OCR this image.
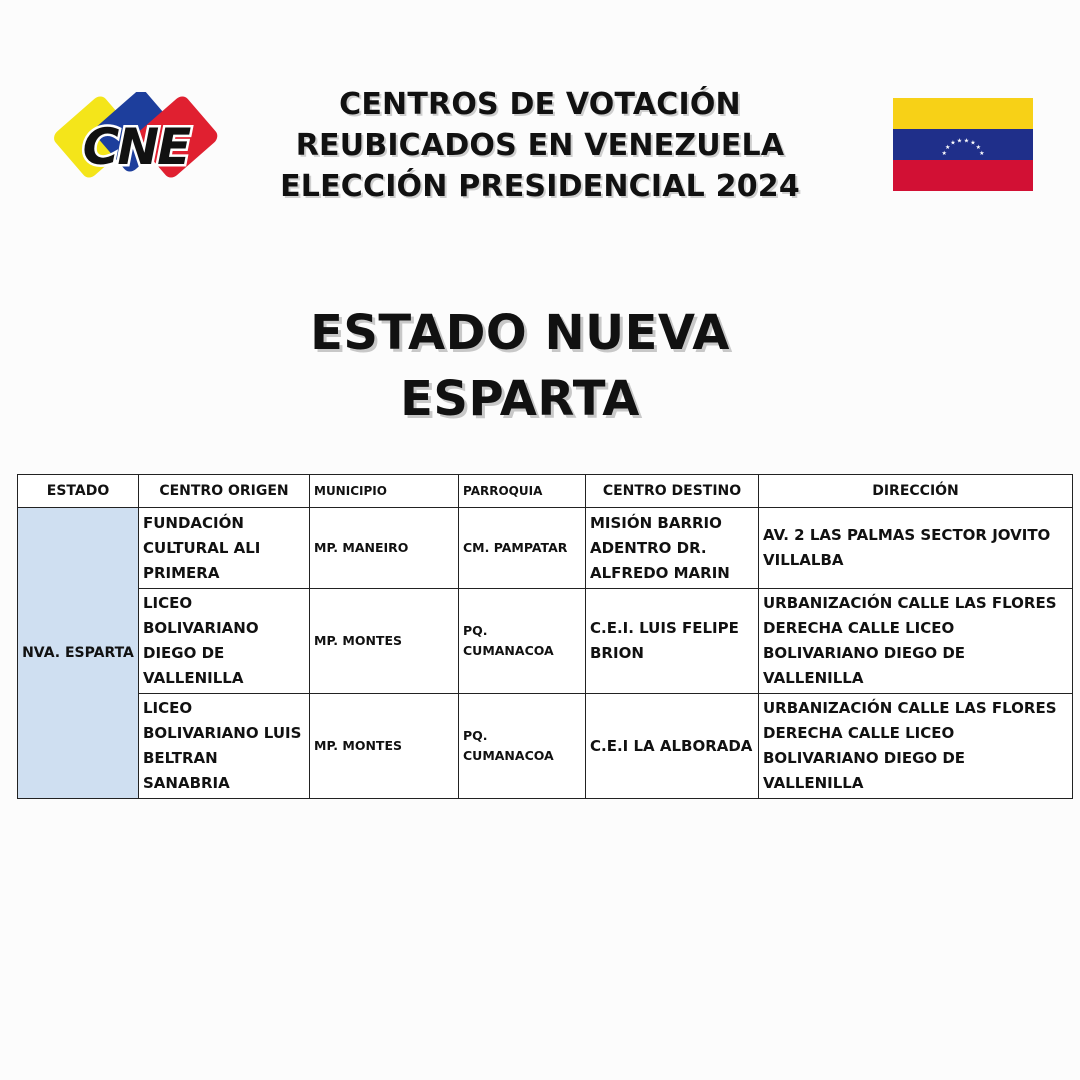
CNE
CENTROS DE VOTACIÓN
REUBICADOS EN VENEZUELA
ELECCIÓN PRESIDENCIAL 2024
★
★
★ ★ ★ ★
★
★
ESTADO NUEVA
ESPARTA
ESTADO	CENTRO ORIGEN	MUNICIPIO	PARROQUIA	CENTRO DESTINO	DIRECCIÓN
NVA. ESPARTA	FUNDACIÓN CULTURAL ALI PRIMERA	MP. MANEIRO	CM. PAMPATAR	MISIÓN BARRIO ADENTRO DR. ALFREDO MARIN	AV. 2 LAS PALMAS SECTOR JOVITO VILLALBA
	LICEO BOLIVARIANO DIEGO DE VALLENILLA	MP. MONTES	PQ. CUMANACOA	C.E.I. LUIS FELIPE BRION	URBANIZACIÓN CALLE LAS FLORES DERECHA CALLE LICEO BOLIVARIANO DIEGO DE VALLENILLA
	LICEO BOLIVARIANO LUIS BELTRAN SANABRIA	MP. MONTES	PQ. CUMANACOA	C.E.I LA ALBORADA	URBANIZACIÓN CALLE LAS FLORES DERECHA CALLE LICEO BOLIVARIANO DIEGO DE VALLENILLA
